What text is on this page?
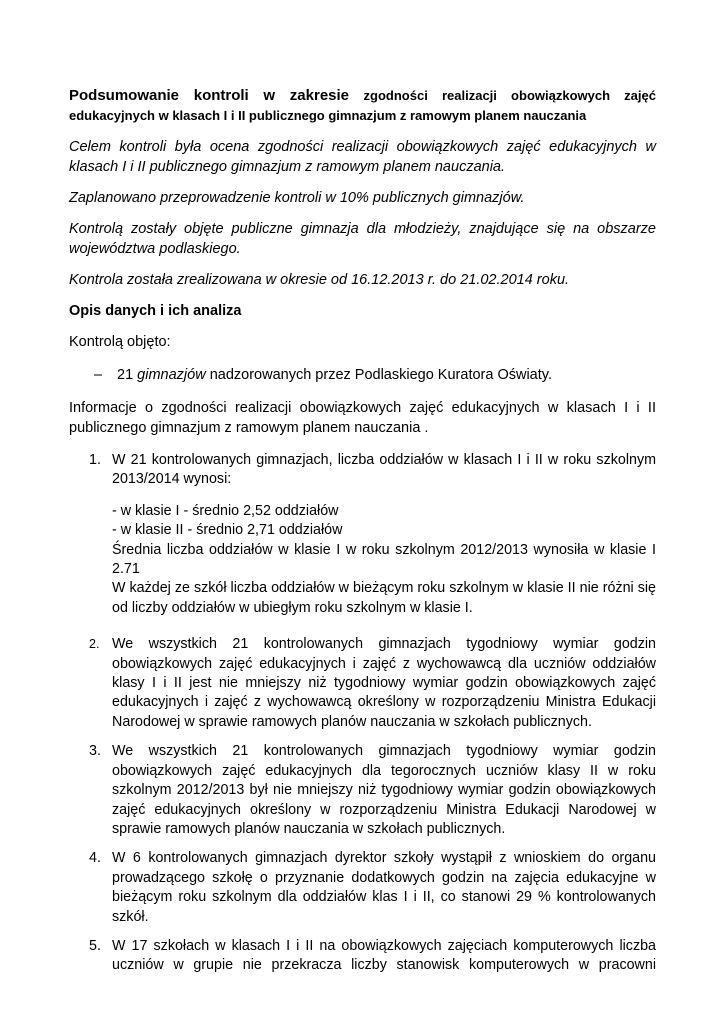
Podsumowanie kontroli w zakresie zgodności realizacji obowiązkowych zajęć edukacyjnych w klasach I i II publicznego gimnazjum z ramowym planem nauczania

Celem kontroli była ocena zgodności realizacji obowiązkowych zajęć edukacyjnych w klasach I i II publicznego gimnazjum z ramowym planem nauczania.

Zaplanowano przeprowadzenie kontroli w 10% publicznych gimnazjów.

Kontrolą zostały objęte publiczne gimnazja dla młodzieży, znajdujące się na obszarze województwa podlaskiego.

Kontrola została zrealizowana w okresie od 16.12.2013 r. do 21.02.2014 roku.

Opis danych i ich analiza

Kontrolą objęto:

–	21 gimnazjów nadzorowanych przez Podlaskiego Kuratora Oświaty.

Informacje o zgodności realizacji obowiązkowych zajęć edukacyjnych w klasach I i II publicznego gimnazjum z ramowym planem nauczania .

1. W 21 kontrolowanych gimnazjach, liczba oddziałów w klasach I i II w roku szkolnym 2013/2014 wynosi:
- w klasie I - średnio 2,52 oddziałów
- w klasie II - średnio 2,71 oddziałów
Średnia liczba oddziałów w klasie I w roku szkolnym 2012/2013 wynosiła w klasie I 2.71
W każdej ze szkół liczba oddziałów w bieżącym roku szkolnym w klasie II nie różni się od liczby oddziałów w ubiegłym roku szkolnym w klasie I.
2. We wszystkich 21 kontrolowanych gimnazjach tygodniowy wymiar godzin obowiązkowych zajęć edukacyjnych i zajęć z wychowawcą dla uczniów oddziałów klasy I i II jest nie mniejszy niż tygodniowy wymiar godzin obowiązkowych zajęć edukacyjnych i zajęć z wychowawcą określony w rozporządzeniu Ministra Edukacji Narodowej w sprawie ramowych planów nauczania w szkołach publicznych.
3. We wszystkich 21 kontrolowanych gimnazjach tygodniowy wymiar godzin obowiązkowych zajęć edukacyjnych dla tegorocznych uczniów klasy II w roku szkolnym 2012/2013 był nie mniejszy niż tygodniowy wymiar godzin obowiązkowych zajęć edukacyjnych określony w rozporządzeniu Ministra Edukacji Narodowej w sprawie ramowych planów nauczania w szkołach publicznych.
4. W 6 kontrolowanych gimnazjach dyrektor szkoły wystąpił z wnioskiem do organu prowadzącego szkołę o przyznanie dodatkowych godzin na zajęcia edukacyjne w bieżącym roku szkolnym dla oddziałów klas I i II, co stanowi 29 % kontrolowanych szkół.
5. W 17 szkołach w klasach I i II na obowiązkowych zajęciach komputerowych liczba uczniów w grupie nie przekracza liczby stanowisk komputerowych w pracowni
